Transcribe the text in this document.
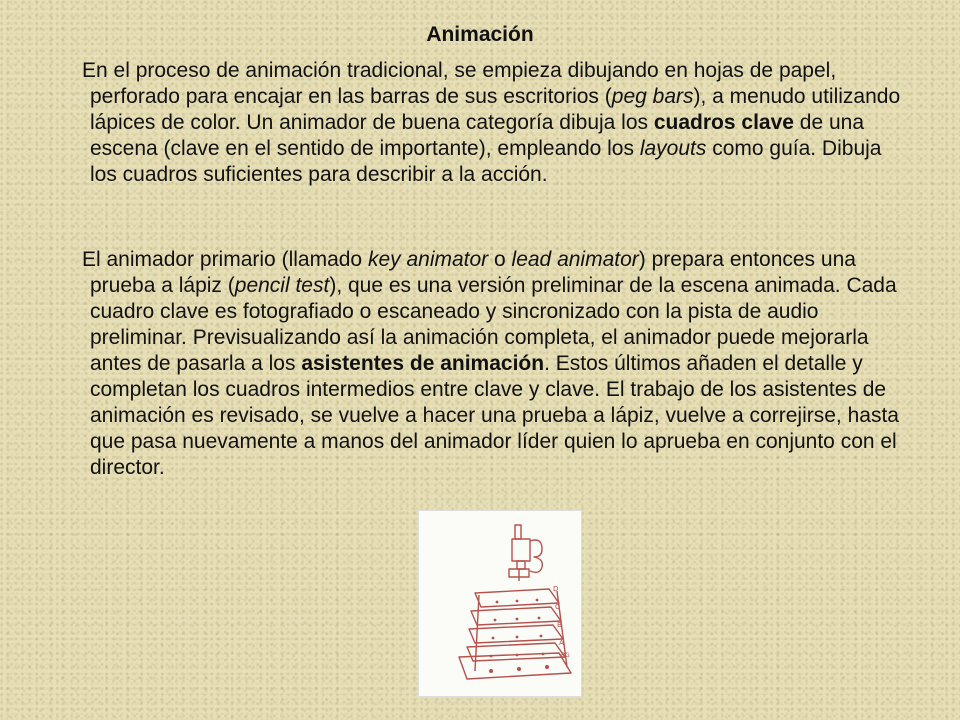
Animación

En el proceso de animación tradicional, se empieza dibujando en hojas de papel, perforado para encajar en las barras de sus escritorios (peg bars), a menudo utilizando lápices de color. Un animador de buena categoría dibuja los cuadros clave de una escena (clave en el sentido de importante), empleando los layouts como guía. Dibuja los cuadros suficientes para describir a la acción.

El animador primario (llamado key animator o lead animator) prepara entonces una prueba a lápiz (pencil test), que es una versión preliminar de la escena animada. Cada cuadro clave es fotografiado o escaneado y sincronizado con la pista de audio preliminar. Previsualizando así la animación completa, el animador puede mejorarla antes de pasarla a los asistentes de animación. Estos últimos añaden el detalle y completan los cuadros intermedios entre clave y clave. El trabajo de los asistentes de animación es revisado, se vuelve a hacer una prueba a lápiz, vuelve a correjirse, hasta que pasa nuevamente a manos del animador líder quien lo aprueba en conjunto con el director.

D
C
B
A
BG
